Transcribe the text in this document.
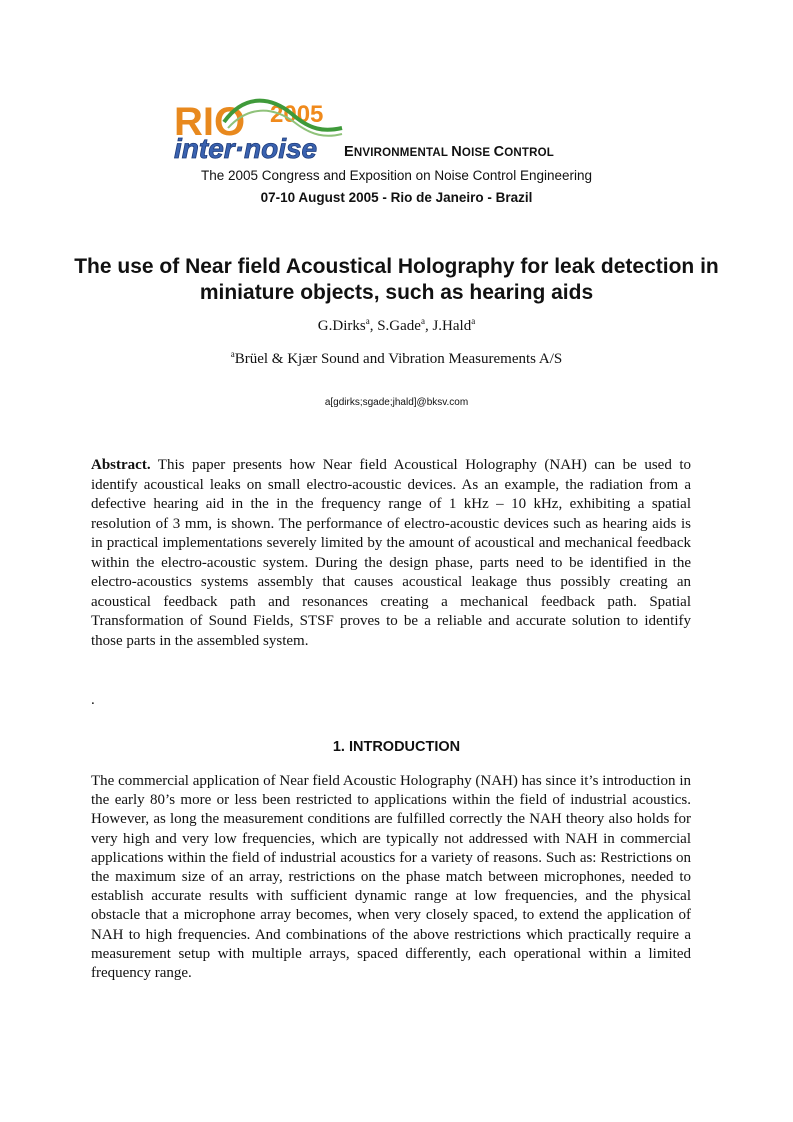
RIO 2005
inter·noise ENVIRONMENTAL NOISE CONTROL
The 2005 Congress and Exposition on Noise Control Engineering
07-10 August 2005 - Rio de Janeiro - Brazil
The use of Near field Acoustical Holography for leak detection in miniature objects, such as hearing aids
G.Dirks$^a$, S.Gade$^a$, J.Hald$^a$
$^a$Brüel & Kjær Sound and Vibration Measurements A/S
a[gdirks;sgade;jhald]@bksv.com
Abstract. This paper presents how Near field Acoustical Holography (NAH) can be used to identify acoustical leaks on small electro-acoustic devices. As an example, the radiation from a defective hearing aid in the in the frequency range of 1 kHz – 10 kHz, exhibiting a spatial resolution of 3 mm, is shown. The performance of electro-acoustic devices such as hearing aids is in practical implementations severely limited by the amount of acoustical and mechanical feedback within the electro-acoustic system. During the design phase, parts need to be identified in the electro-acoustics systems assembly that causes acoustical leakage thus possibly creating an acoustical feedback path and resonances creating a mechanical feedback path. Spatial Transformation of Sound Fields, STSF proves to be a reliable and accurate solution to identify those parts in the assembled system.
.
1. INTRODUCTION
The commercial application of Near field Acoustic Holography (NAH) has since it’s introduction in the early 80’s more or less been restricted to applications within the field of industrial acoustics. However, as long the measurement conditions are fulfilled correctly the NAH theory also holds for very high and very low frequencies, which are typically not addressed with NAH in commercial applications within the field of industrial acoustics for a variety of reasons. Such as: Restrictions on the maximum size of an array, restrictions on the phase match between microphones, needed to establish accurate results with sufficient dynamic range at low frequencies, and the physical obstacle that a microphone array becomes, when very closely spaced, to extend the application of NAH to high frequencies. And combinations of the above restrictions which practically require a measurement setup with multiple arrays, spaced differently, each operational within a limited frequency range.
